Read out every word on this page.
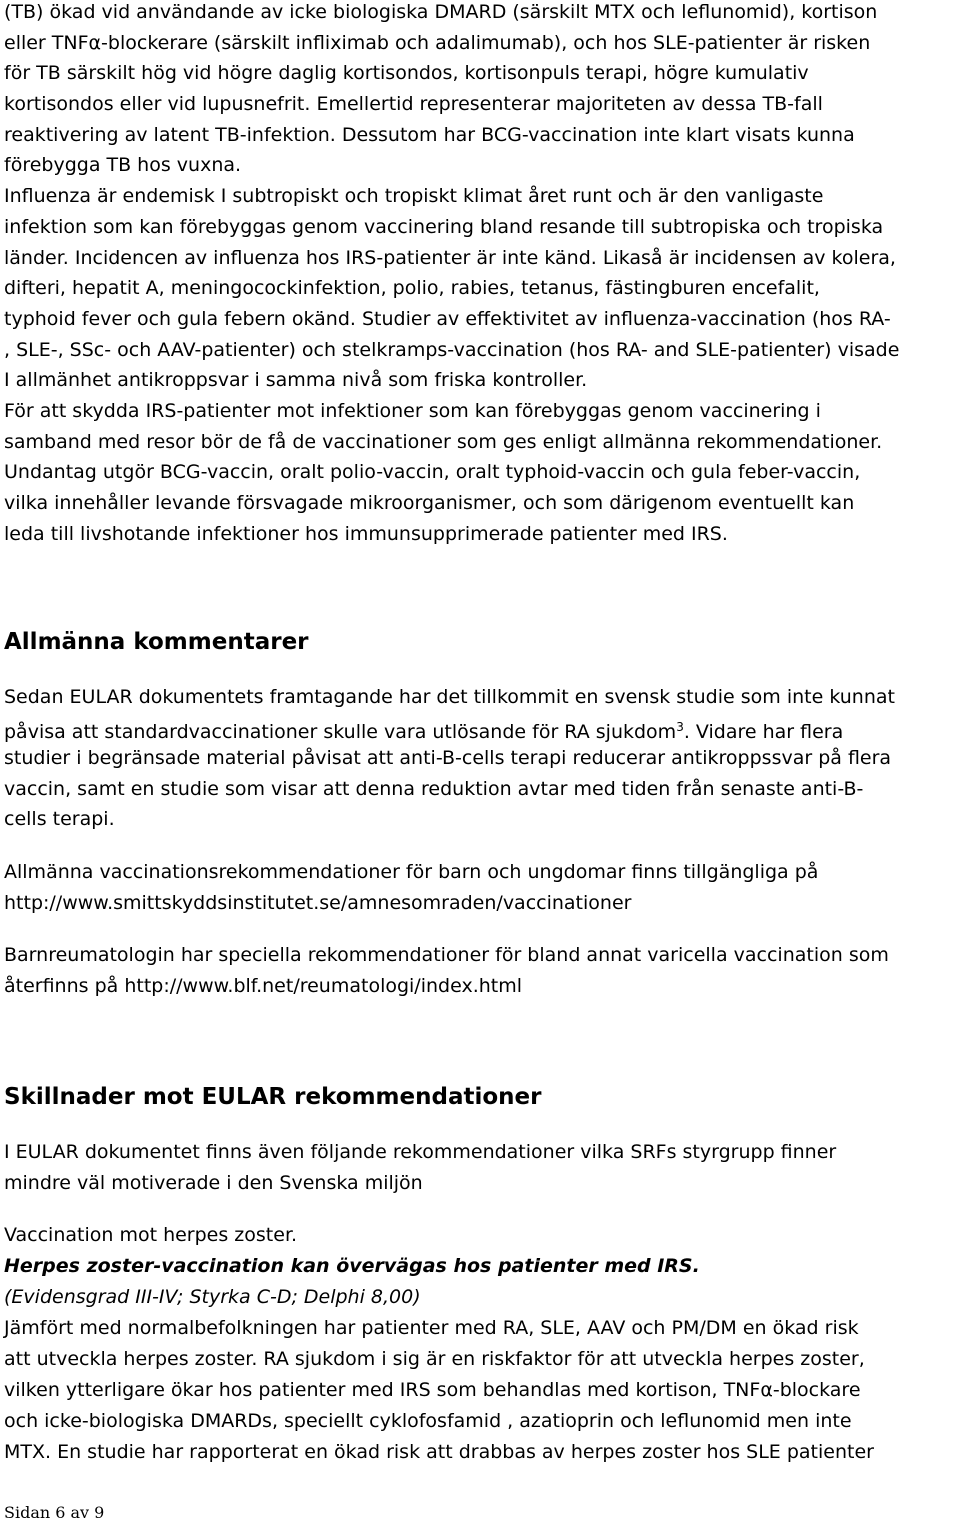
(TB) ökad vid användande av icke biologiska DMARD (särskilt MTX och leflunomid), kortison
eller TNFα-blockerare (särskilt infliximab och adalimumab), och hos SLE-patienter är risken
för TB särskilt hög vid högre daglig kortisondos, kortisonpuls terapi, högre kumulativ
kortisondos eller vid lupusnefrit. Emellertid representerar majoriteten av dessa TB-fall
reaktivering av latent TB-infektion. Dessutom har BCG-vaccination inte klart visats kunna
förebygga TB hos vuxna.
Influenza är endemisk I subtropiskt och tropiskt klimat året runt och är den vanligaste
infektion som kan förebyggas genom vaccinering bland resande till subtropiska och tropiska
länder. Incidencen av influenza hos IRS-patienter är inte känd. Likaså är incidensen av kolera,
difteri, hepatit A, meningocockinfektion, polio, rabies, tetanus, fästingburen encefalit,
typhoid fever och gula febern okänd. Studier av effektivitet av influenza-vaccination (hos RA-
, SLE-, SSc- och AAV-patienter) och stelkramps-vaccination (hos RA- and SLE-patienter) visade
I allmänhet antikroppsvar i samma nivå som friska kontroller.
För att skydda IRS-patienter mot infektioner som kan förebyggas genom vaccinering i
samband med resor bör de få de vaccinationer som ges enligt allmänna rekommendationer.
Undantag utgör BCG-vaccin, oralt polio-vaccin, oralt typhoid-vaccin och gula feber-vaccin,
vilka innehåller levande försvagade mikroorganismer, och som därigenom eventuellt kan
leda till livshotande infektioner hos immunsupprimerade patienter med IRS.
Allmänna kommentarer
Sedan EULAR dokumentets framtagande har det tillkommit en svensk studie som inte kunnat
påvisa att standardvaccinationer skulle vara utlösande för RA sjukdom$^3$. Vidare har flera
studier i begränsade material påvisat att anti-B-cells terapi reducerar antikroppssvar på flera
vaccin, samt en studie som visar att denna reduktion avtar med tiden från senaste anti-B-
cells terapi.
Allmänna vaccinationsrekommendationer för barn och ungdomar finns tillgängliga på
http://www.smittskyddsinstitutet.se/amnesomraden/vaccinationer
Barnreumatologin har speciella rekommendationer för bland annat varicella vaccination som
återfinns på http://www.blf.net/reumatologi/index.html
Skillnader mot EULAR rekommendationer
I EULAR dokumentet finns även följande rekommendationer vilka SRFs styrgrupp finner
mindre väl motiverade i den Svenska miljön
Vaccination mot herpes zoster.
Herpes zoster-vaccination kan övervägas hos patienter med IRS.
(Evidensgrad III-IV; Styrka C-D; Delphi 8,00)
Jämfört med normalbefolkningen har patienter med RA, SLE, AAV och PM/DM en ökad risk
att utveckla herpes zoster. RA sjukdom i sig är en riskfaktor för att utveckla herpes zoster,
vilken ytterligare ökar hos patienter med IRS som behandlas med kortison, TNFα-blockare
och icke-biologiska DMARDs, speciellt cyklofosfamid , azatioprin och leflunomid men inte
MTX. En studie har rapporterat en ökad risk att drabbas av herpes zoster hos SLE patienter
Sidan 6 av 9
